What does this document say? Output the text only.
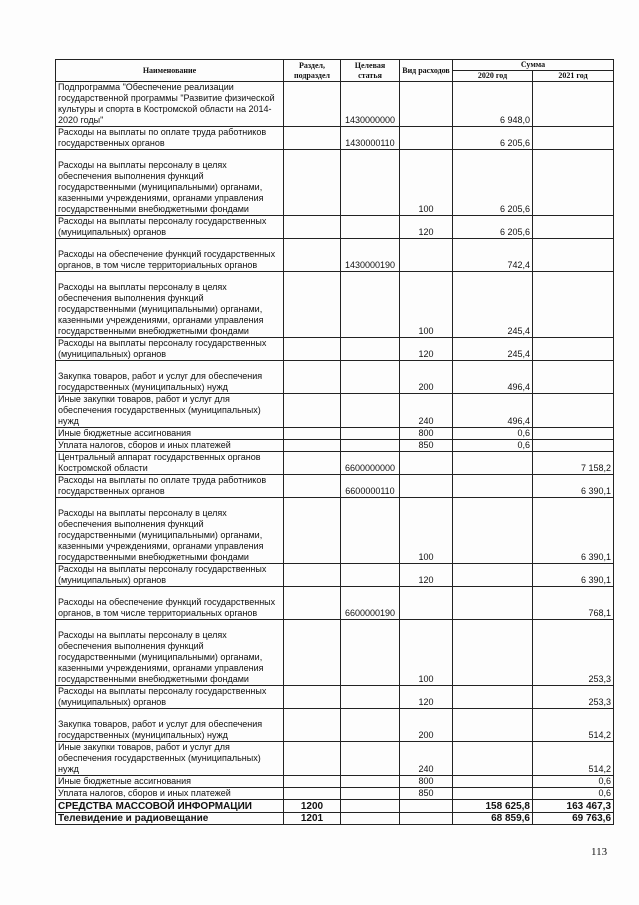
Наименование	Раздел, подраздел	Целевая статья	Вид расходов	Сумма	
				2020 год	2021 год
Подпрограмма "Обеспечение реализации государственной программы "Развитие физической культуры и спорта в Костромской области на 2014-2020 годы"		1430000000		6 948,0	
Расходы на выплаты по оплате труда работников государственных органов		1430000110		6 205,6	
Расходы на выплаты персоналу в целях обеспечения выполнения функций государственными (муниципальными) органами, казенными учреждениями, органами управления государственными внебюджетными фондами			100	6 205,6	
Расходы на выплаты персоналу государственных (муниципальных) органов			120	6 205,6	
Расходы на обеспечение функций государственных органов, в том числе территориальных органов		1430000190		742,4	
Расходы на выплаты персоналу в целях обеспечения выполнения функций государственными (муниципальными) органами, казенными учреждениями, органами управления государственными внебюджетными фондами			100	245,4	
Расходы на выплаты персоналу государственных (муниципальных) органов			120	245,4	
Закупка товаров, работ и услуг для обеспечения государственных (муниципальных) нужд			200	496,4	
Иные закупки товаров, работ и услуг для обеспечения государственных (муниципальных) нужд			240	496,4	
Иные бюджетные ассигнования			800	0,6	
Уплата налогов, сборов и иных платежей			850	0,6	
Центральный аппарат государственных органов Костромской области		6600000000			7 158,2
Расходы на выплаты по оплате труда работников государственных органов		6600000110			6 390,1
Расходы на выплаты персоналу в целях обеспечения выполнения функций государственными (муниципальными) органами, казенными учреждениями, органами управления государственными внебюджетными фондами			100		6 390,1
Расходы на выплаты персоналу государственных (муниципальных) органов			120		6 390,1
Расходы на обеспечение функций государственных органов, в том числе территориальных органов		6600000190			768,1
Расходы на выплаты персоналу в целях обеспечения выполнения функций государственными (муниципальными) органами, казенными учреждениями, органами управления государственными внебюджетными фондами			100		253,3
Расходы на выплаты персоналу государственных (муниципальных) органов			120		253,3
Закупка товаров, работ и услуг для обеспечения государственных (муниципальных) нужд			200		514,2
Иные закупки товаров, работ и услуг для обеспечения государственных (муниципальных) нужд			240		514,2
Иные бюджетные ассигнования			800		0,6
Уплата налогов, сборов и иных платежей			850		0,6
СРЕДСТВА МАССОВОЙ ИНФОРМАЦИИ	1200			158 625,8	163 467,3
Телевидение и радиовещание	1201			68 859,6	69 763,6
113
